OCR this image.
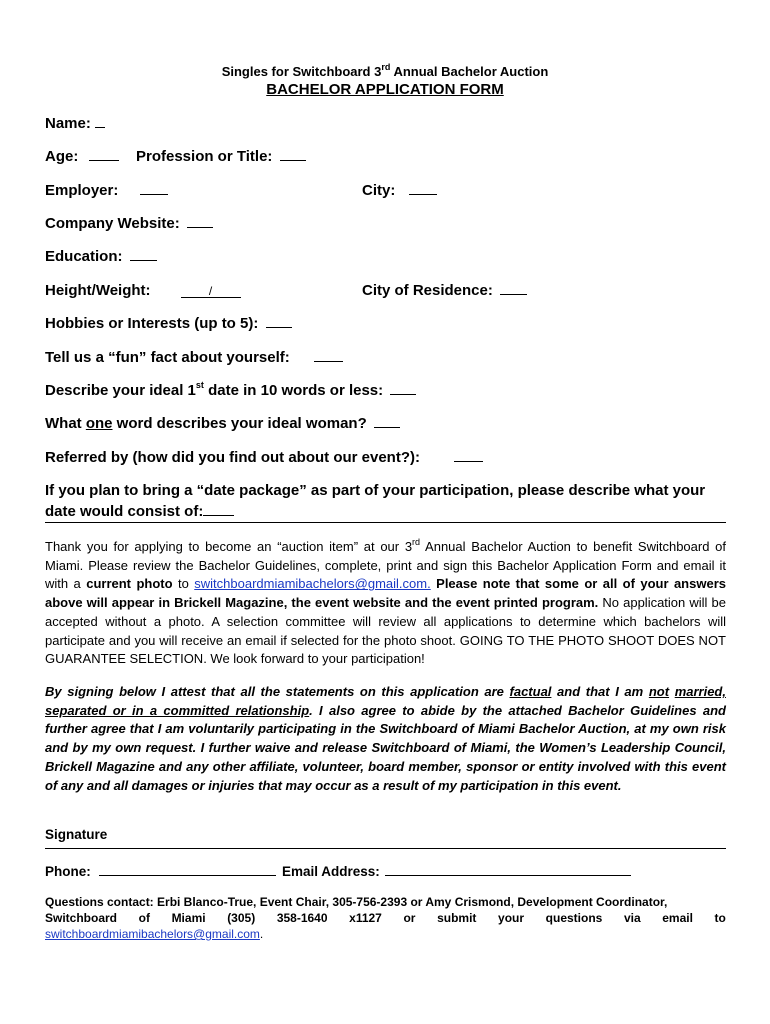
Singles for Switchboard 3rd Annual Bachelor Auction
BACHELOR APPLICATION FORM
Name:
Age:	Profession or Title:
Employer:	City:
Company Website:
Education:
Height/Weight:	/	City of Residence:
Hobbies or Interests (up to 5):
Tell us a “fun” fact about yourself:
Describe your ideal 1st date in 10 words or less:
What one word describes your ideal woman?
Referred by (how did you find out about our event?):
If you plan to bring a “date package” as part of your participation, please describe what your
date would consist of:
Thank you for applying to become an “auction item” at our 3rd Annual Bachelor Auction to benefit Switchboard of Miami. Please review the Bachelor Guidelines, complete, print and sign this Bachelor Application Form and email it with a current photo to switchboardmiamibachelors@gmail.com. Please note that some or all of your answers above will appear in Brickell Magazine, the event website and the event printed program. No application will be accepted without a photo. A selection committee will review all applications to determine which bachelors will participate and you will receive an email if selected for the photo shoot. GOING TO THE PHOTO SHOOT DOES NOT GUARANTEE SELECTION. We look forward to your participation!
By signing below I attest that all the statements on this application are factual and that I am not married, separated or in a committed relationship. I also agree to abide by the attached Bachelor Guidelines and further agree that I am voluntarily participating in the Switchboard of Miami Bachelor Auction, at my own risk and by my own request. I further waive and release Switchboard of Miami, the Women’s Leadership Council, Brickell Magazine and any other affiliate, volunteer, board member, sponsor or entity involved with this event of any and all damages or injuries that may occur as a result of my participation in this event.
Signature
Phone:	Email Address:
Questions contact: Erbi Blanco-True, Event Chair, 305-756-2393 or Amy Crismond, Development Coordinator,
Switchboard of Miami (305) 358-1640 x1127 or submit your questions via email to
switchboardmiamibachelors@gmail.com.
